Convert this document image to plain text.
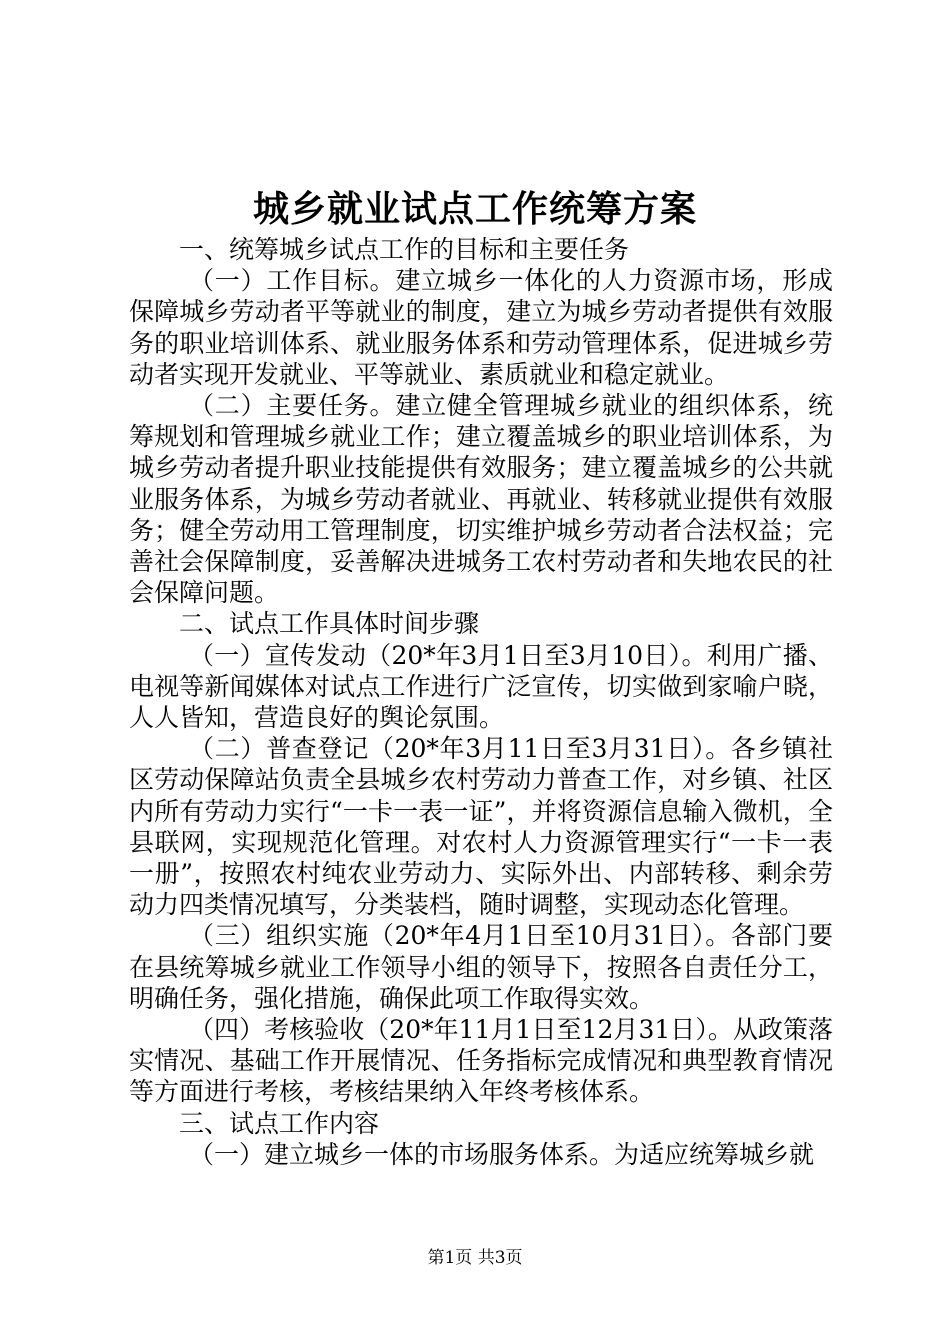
城乡就业试点工作统筹方案

一、统筹城乡试点工作的目标和主要任务

（一）工作目标。建立城乡一体化的人力资源市场，形成保障城乡劳动者平等就业的制度，建立为城乡劳动者提供有效服务的职业培训体系、就业服务体系和劳动管理体系，促进城乡劳动者实现开发就业、平等就业、素质就业和稳定就业。

（二）主要任务。建立健全管理城乡就业的组织体系，统筹规划和管理城乡就业工作；建立覆盖城乡的职业培训体系，为城乡劳动者提升职业技能提供有效服务；建立覆盖城乡的公共就业服务体系，为城乡劳动者就业、再就业、转移就业提供有效服务；健全劳动用工管理制度，切实维护城乡劳动者合法权益；完善社会保障制度，妥善解决进城务工农村劳动者和失地农民的社会保障问题。

二、试点工作具体时间步骤

（一）宣传发动（20*年3月1日至3月10日）。利用广播、电视等新闻媒体对试点工作进行广泛宣传，切实做到家喻户晓，人人皆知，营造良好的舆论氛围。

（二）普查登记（20*年3月11日至3月31日）。各乡镇社区劳动保障站负责全县城乡农村劳动力普查工作，对乡镇、社区内所有劳动力实行“一卡一表一证”，并将资源信息输入微机，全县联网，实现规范化管理。对农村人力资源管理实行“一卡一表一册”，按照农村纯农业劳动力、实际外出、内部转移、剩余劳动力四类情况填写，分类装档，随时调整，实现动态化管理。

（三）组织实施（20*年4月1日至10月31日）。各部门要在县统筹城乡就业工作领导小组的领导下，按照各自责任分工，明确任务，强化措施，确保此项工作取得实效。

（四）考核验收（20*年11月1日至12月31日）。从政策落实情况、基础工作开展情况、任务指标完成情况和典型教育情况等方面进行考核，考核结果纳入年终考核体系。

三、试点工作内容

（一）建立城乡一体的市场服务体系。为适应统筹城乡就

第1页 共3页
